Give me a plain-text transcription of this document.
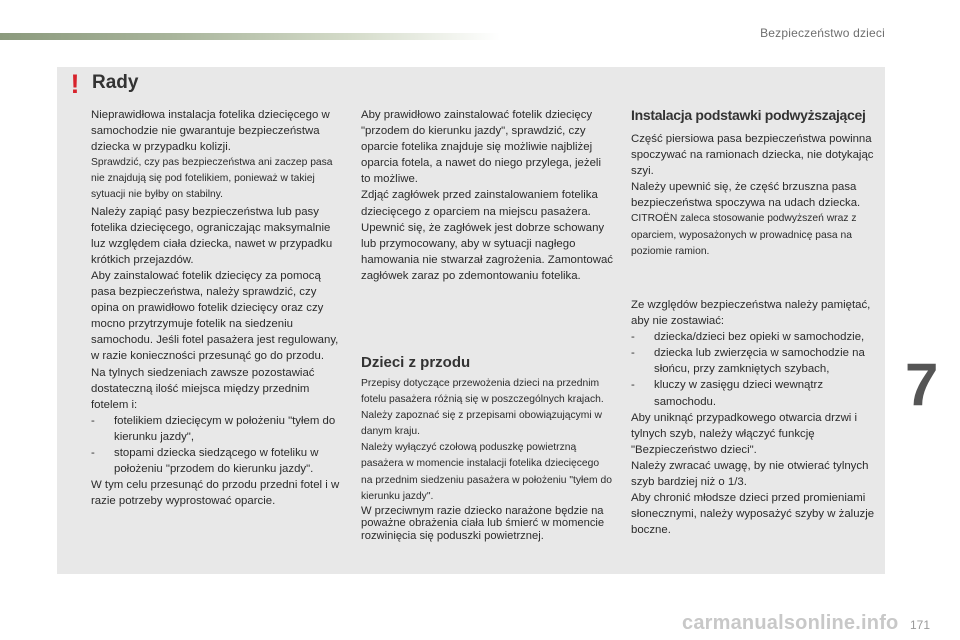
Bezpieczeństwo dzieci
! Rady

Nieprawidłowa instalacja fotelika dziecięcego w samochodzie nie gwarantuje bezpieczeństwa dziecka w przypadku kolizji.

Sprawdzić, czy pas bezpieczeństwa ani zaczep pasa nie znajdują się pod fotelikiem, ponieważ w takiej sytuacji nie byłby on stabilny.

Należy zapiąć pasy bezpieczeństwa lub pasy fotelika dziecięcego, ograniczając maksymalnie luz względem ciała dziecka, nawet w przypadku krótkich przejazdów.

Aby zainstalować fotelik dziecięcy za pomocą pasa bezpieczeństwa, należy sprawdzić, czy opina on prawidłowo fotelik dziecięcy oraz czy mocno przytrzymuje fotelik na siedzeniu samochodu. Jeśli fotel pasażera jest regulowany, w razie konieczności przesunąć go do przodu.

Na tylnych siedzeniach zawsze pozostawiać dostateczną ilość miejsca między przednim fotelem i:

-	fotelikiem dziecięcym w położeniu "tyłem do kierunku jazdy",
-	stopami dziecka siedzącego w foteliku w położeniu "przodem do kierunku jazdy".

W tym celu przesunąć do przodu przedni fotel i w razie potrzeby wyprostować oparcie.

Aby prawidłowo zainstalować fotelik dziecięcy "przodem do kierunku jazdy", sprawdzić, czy oparcie fotelika znajduje się możliwie najbliżej oparcia fotela, a nawet do niego przylega, jeżeli to możliwe.

Zdjąć zagłówek przed zainstalowaniem fotelika dziecięcego z oparciem na miejscu pasażera.

Upewnić się, że zagłówek jest dobrze schowany lub przymocowany, aby w sytuacji nagłego hamowania nie stwarzał zagrożenia. Zamontować zagłówek zaraz po zdemontowaniu fotelika.

Dzieci z przodu

Przepisy dotyczące przewożenia dzieci na przednim fotelu pasażera różnią się w poszczególnych krajach. Należy zapoznać się z przepisami obowiązującymi w danym kraju.

Należy wyłączyć czołową poduszkę powietrzną pasażera w momencie instalacji fotelika dziecięcego na przednim siedzeniu pasażera w położeniu "tyłem do kierunku jazdy".

W przeciwnym razie dziecko narażone będzie na poważne obrażenia ciała lub śmierć w momencie rozwinięcia się poduszki powietrznej.

Instalacja podstawki podwyższającej

Część piersiowa pasa bezpieczeństwa powinna spoczywać na ramionach dziecka, nie dotykając szyi.

Należy upewnić się, że część brzuszna pasa bezpieczeństwa spoczywa na udach dziecka.

CITROËN zaleca stosowanie podwyższeń wraz z oparciem, wyposażonych w prowadnicę pasa na poziomie ramion.

Ze względów bezpieczeństwa należy pamiętać, aby nie zostawiać:

-	dziecka/dzieci bez opieki w samochodzie,
-	dziecka lub zwierzęcia w samochodzie na słońcu, przy zamkniętych szybach,
-	kluczy w zasięgu dzieci wewnątrz samochodu.

Aby uniknąć przypadkowego otwarcia drzwi i tylnych szyb, należy włączyć funkcję "Bezpieczeństwo dzieci".

Należy zwracać uwagę, by nie otwierać tylnych szyb bardziej niż o 1/3.

Aby chronić młodsze dzieci przed promieniami słonecznymi, należy wyposażyć szyby w żaluzje boczne.

7
carmanualsonline.info 171
